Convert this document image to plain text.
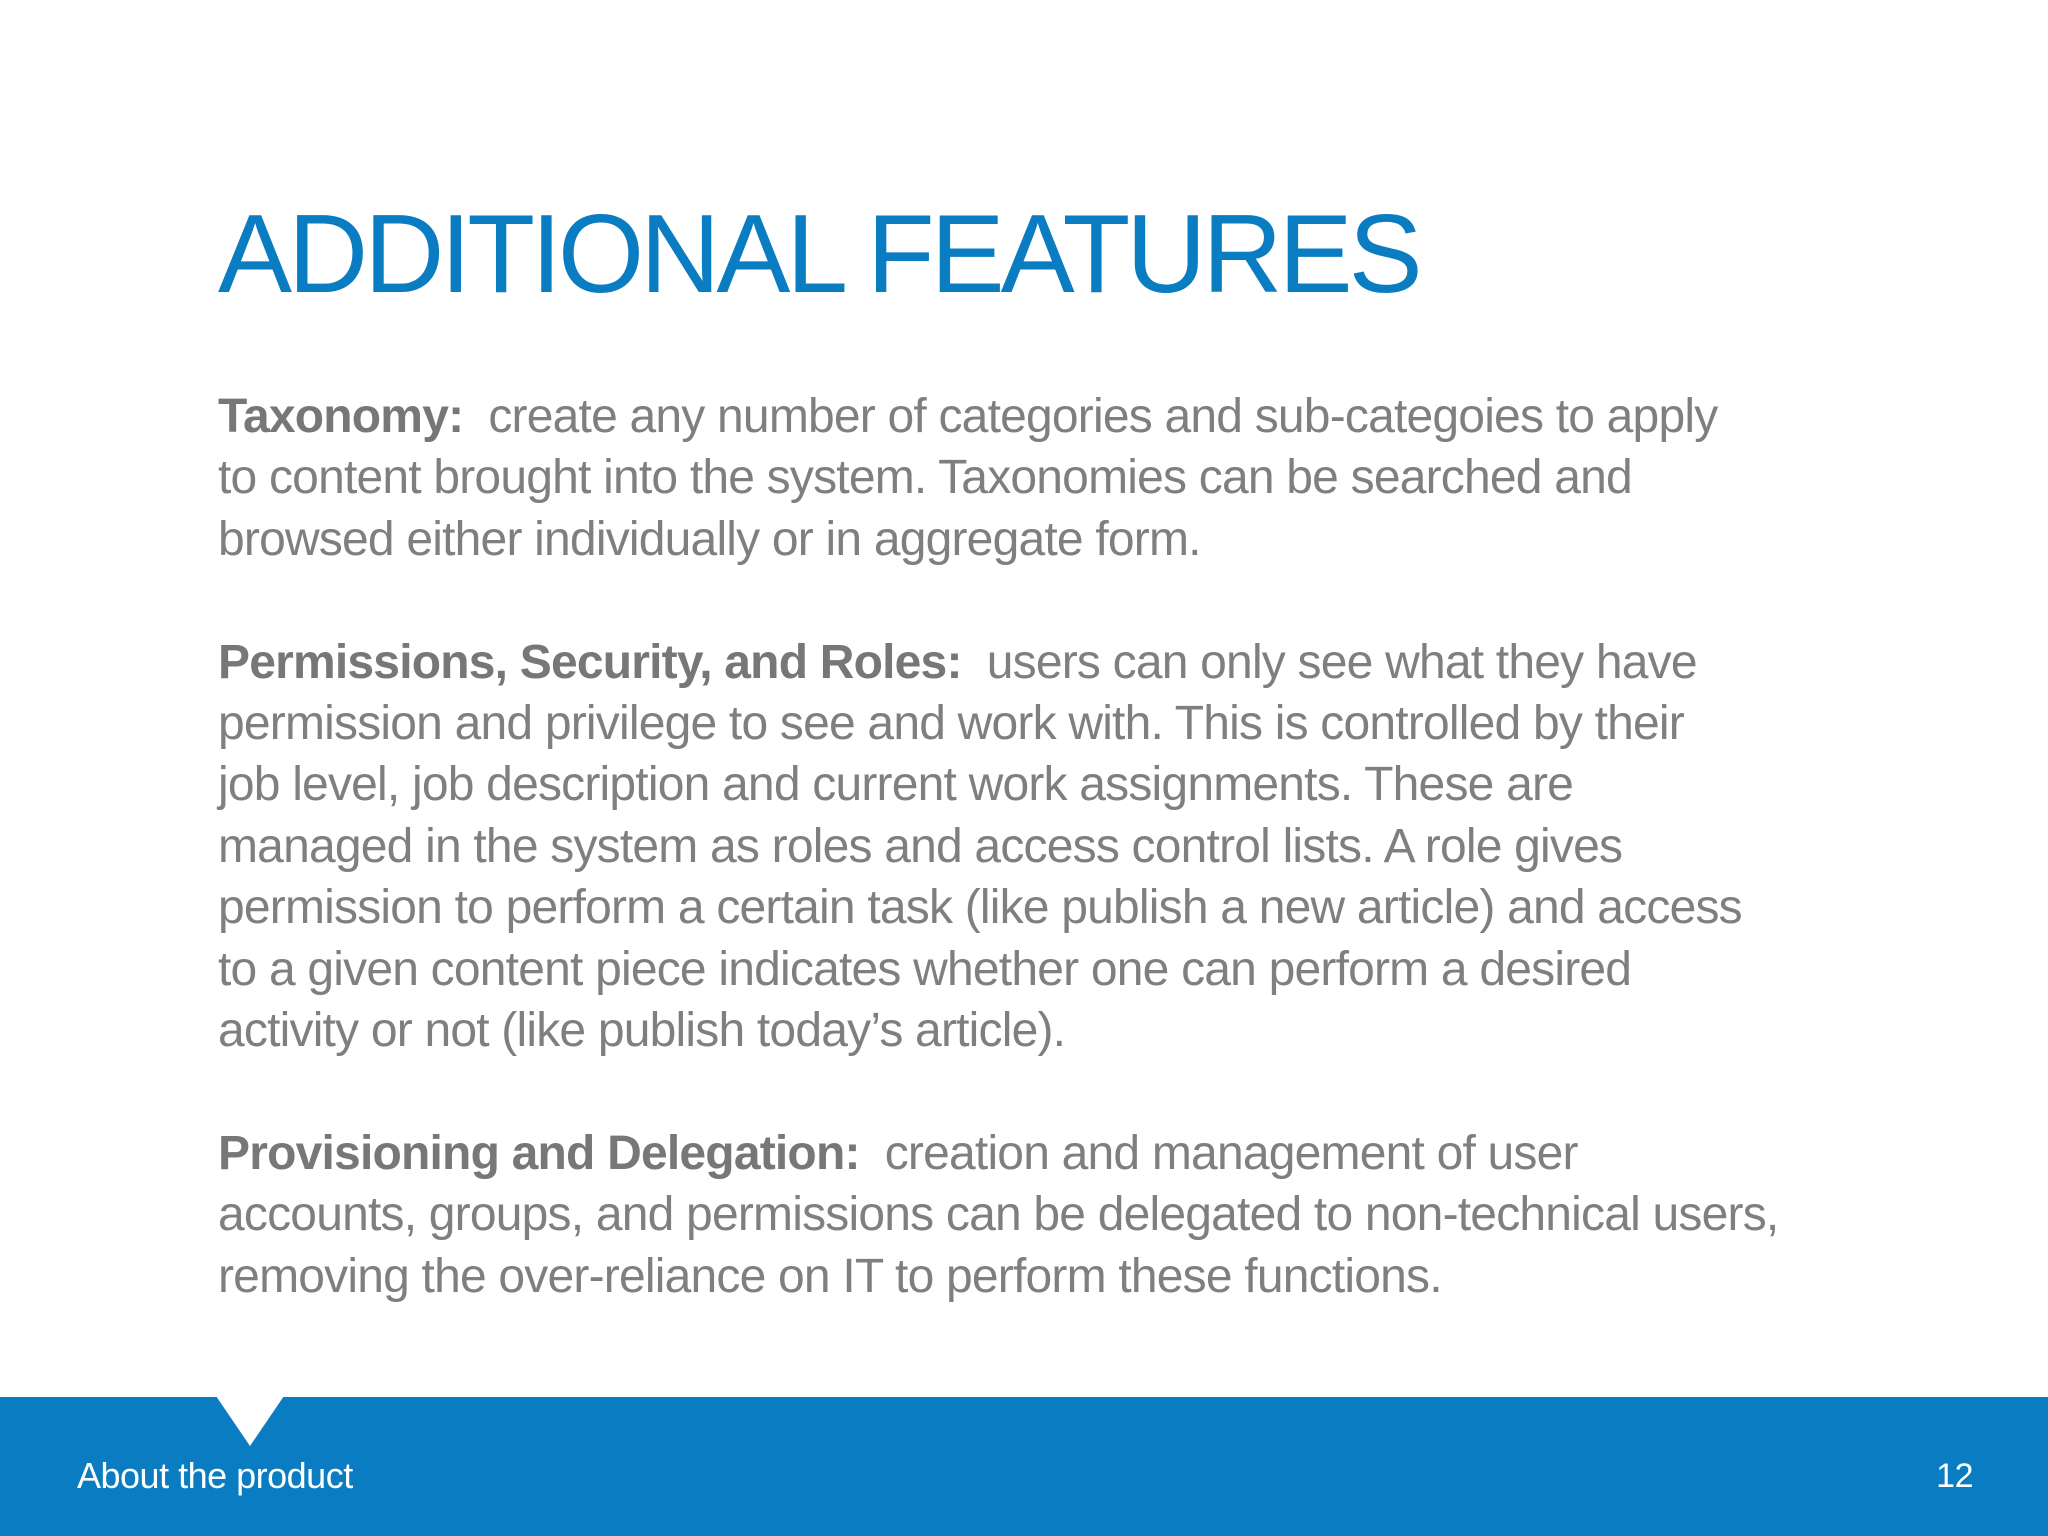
ADDITIONAL FEATURES
Taxonomy: create any number of categories and sub-categoies to apply
to content brought into the system. Taxonomies can be searched and
browsed either individually or in aggregate form.
Permissions, Security, and Roles: users can only see what they have
permission and privilege to see and work with. This is controlled by their
job level, job description and current work assignments. These are
managed in the system as roles and access control lists. A role gives
permission to perform a certain task (like publish a new article) and access
to a given content piece indicates whether one can perform a desired
activity or not (like publish today’s article).
Provisioning and Delegation: creation and management of user
accounts, groups, and permissions can be delegated to non-technical users,
removing the over-reliance on IT to perform these functions.
About the product	12
